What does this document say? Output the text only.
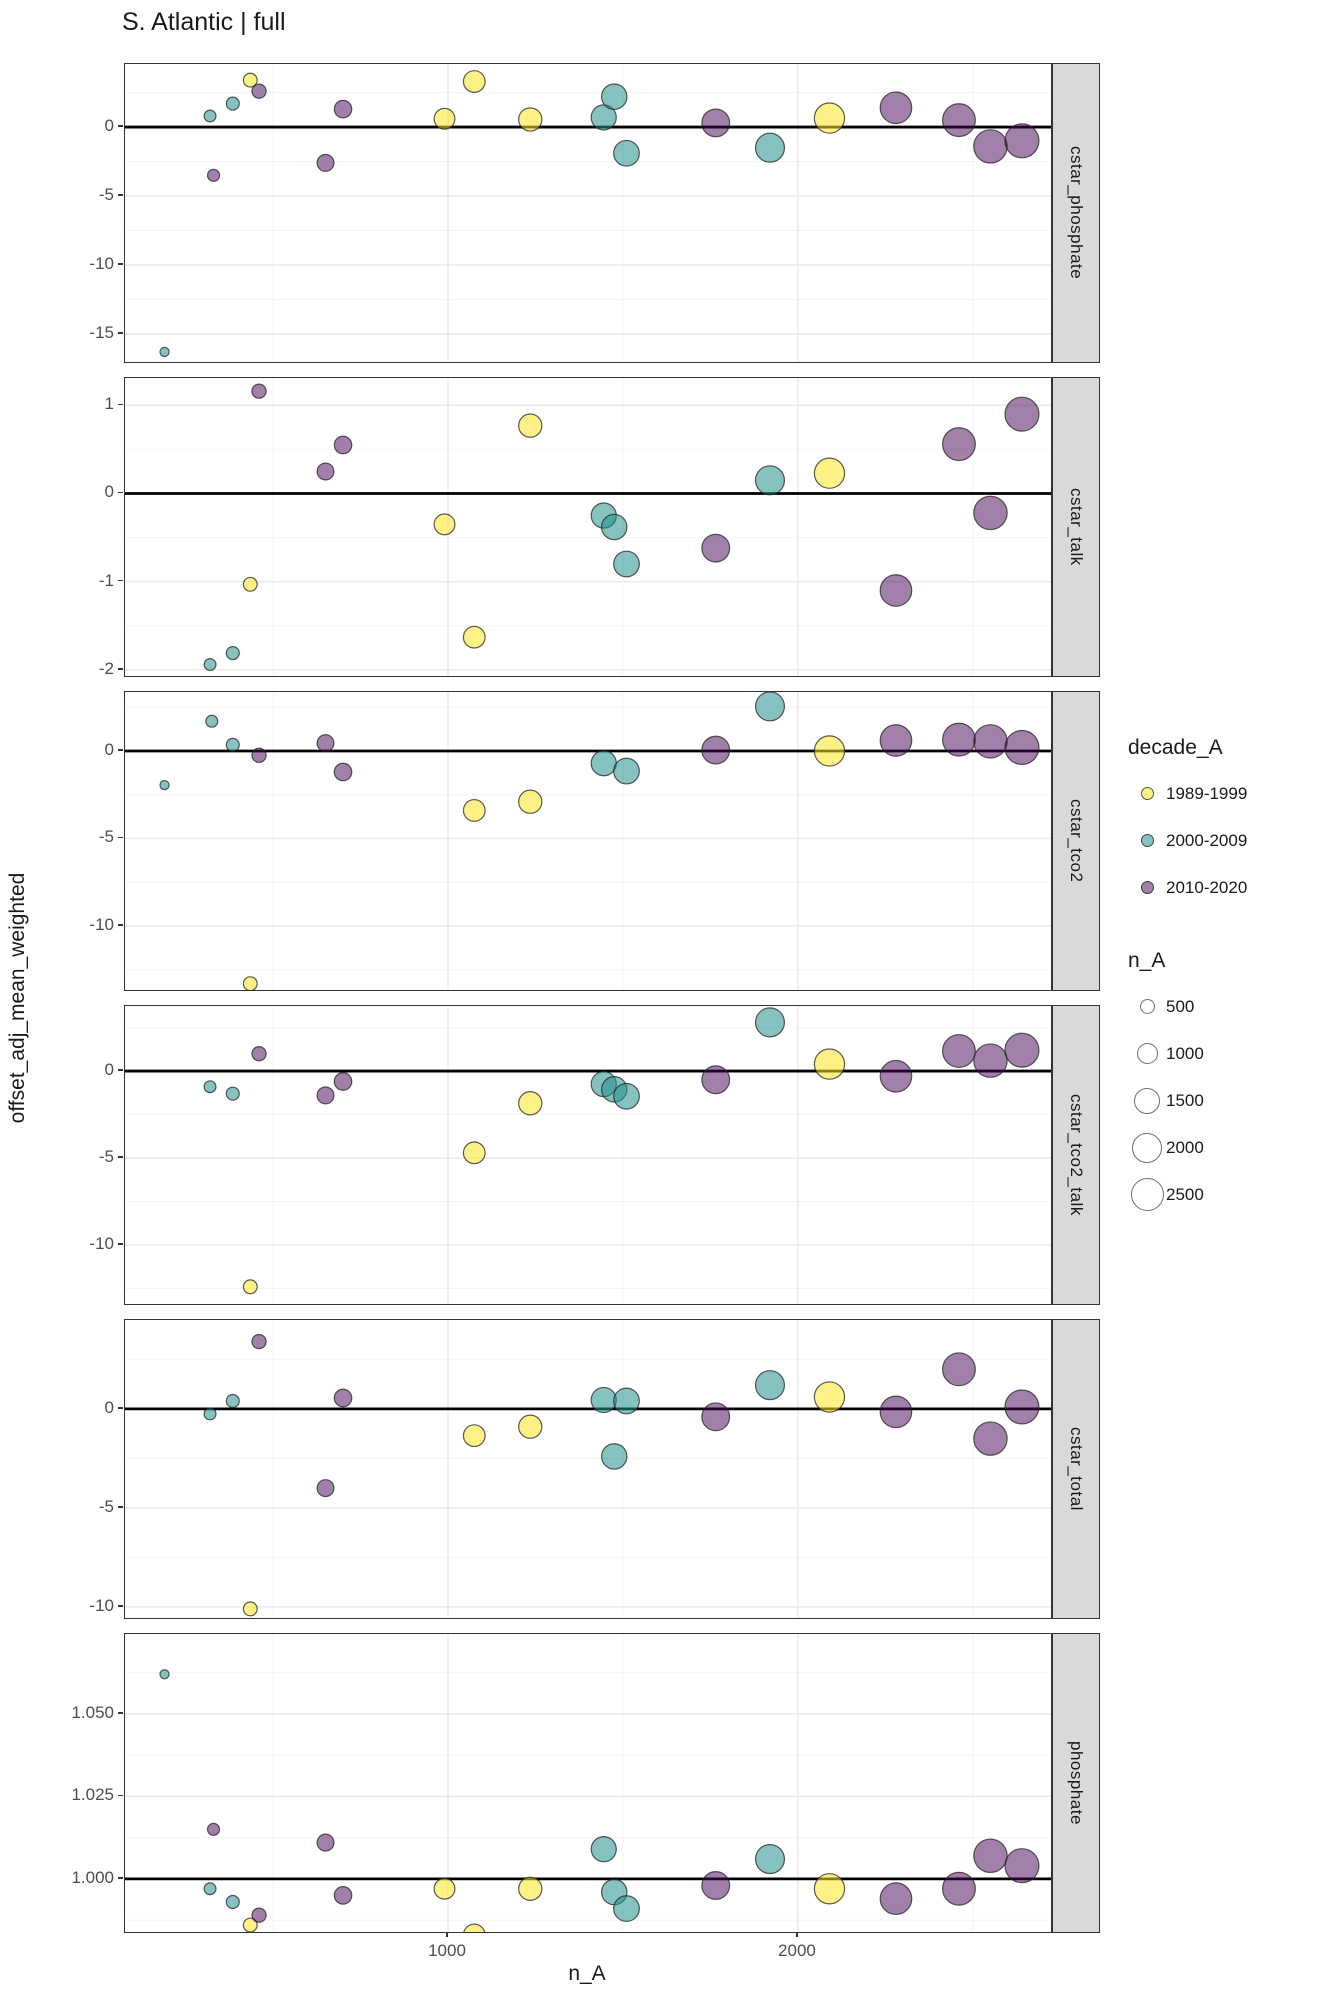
S. Atlantic | full
offset_adj_mean_weighted
n_A
decade_A
1989-1999
2000-2009
2010-2020
n_A
500
1000
1500
2000
2500
0
-5
-10
-15
cstar_phosphate
1
0
-1
-2
cstar_talk
0
-5
-10
cstar_tco2
0
-5
-10
cstar_tco2_talk
0
-5
-10
cstar_total
1.050
1.025
1.000
phosphate
1000	2000
